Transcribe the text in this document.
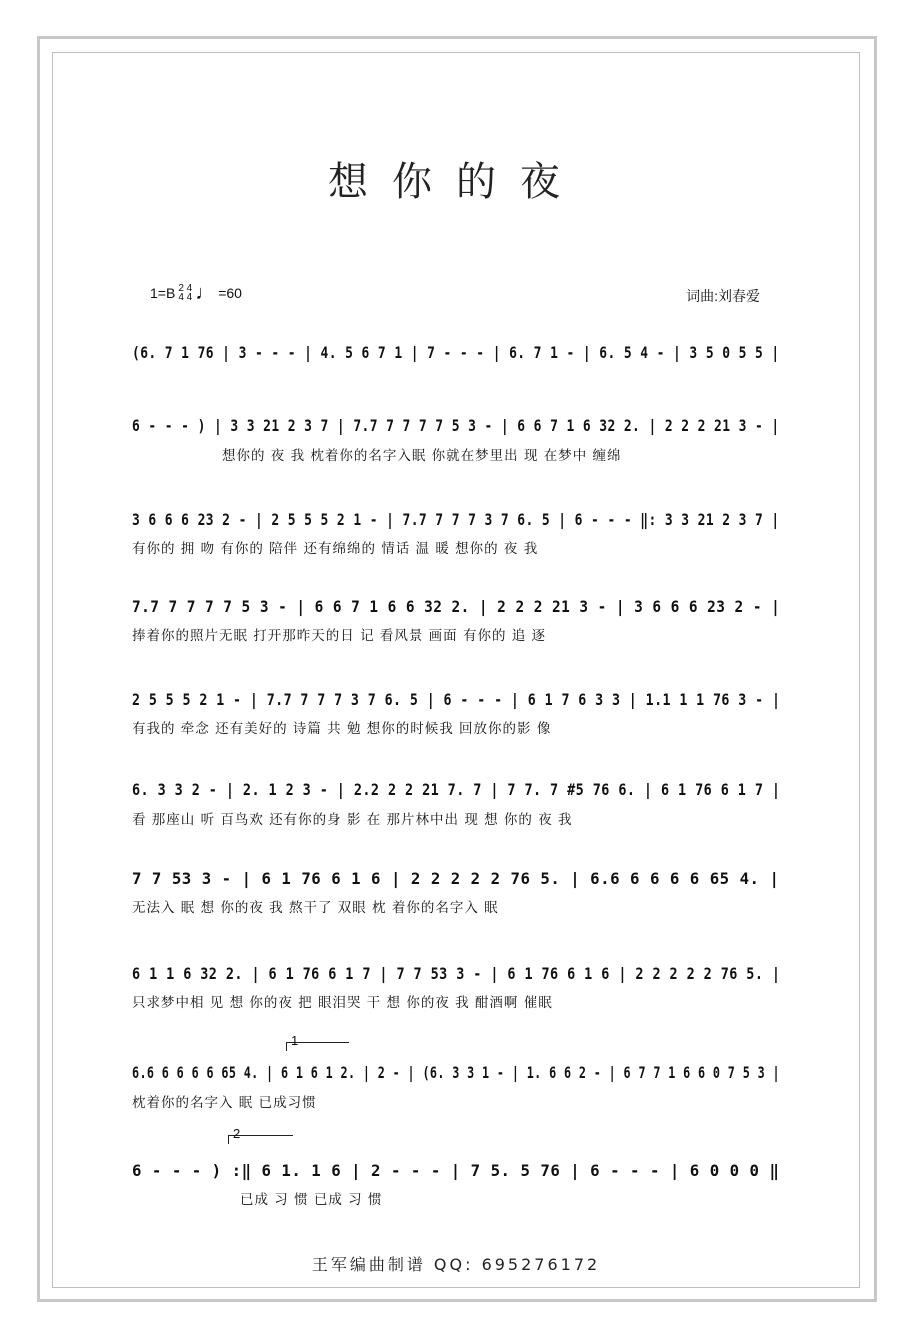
想你的夜
1=B 2 4
4 4 ♩ =60	词曲:刘春爱
(6. 7 1 76 | 3 - - - | 4. 5 6 7 1 | 7 - - - | 6. 7 1 - | 6. 5 4 - | 3 5 0 5 5 |
6 - - - ) | 3 3 21 2 3 7 | 7.7 7 7 7 7 5 3 - | 6 6 7 1 6 32 2. | 2 2 2 21 3 - |
想你的 夜 我 枕着你的名字入眠 你就在梦里出 现 在梦中 缠绵
3 6 6 6 23 2 - | 2 5 5 5 2 1 - | 7.7 7 7 7 3 7 6. 5 | 6 - - - ‖: 3 3 21 2 3 7 |
有你的 拥 吻 有你的 陪伴 还有绵绵的 情话 温 暖 想你的 夜 我
7.7 7 7 7 7 5 3 - | 6 6 7 1 6 6 32 2. | 2 2 2 21 3 - | 3 6 6 6 23 2 - |
捧着你的照片无眠 打开那昨天的日 记 看风景 画面 有你的 追 逐
2 5 5 5 2 1 - | 7.7 7 7 7 3 7 6. 5 | 6 - - - | 6 1 7 6 3 3 | 1.1 1 1 76 3 - |
有我的 牵念 还有美好的 诗篇 共 勉 想你的时候我 回放你的影 像
6. 3 3 2 - | 2. 1 2 3 - | 2.2 2 2 21 7. 7 | 7 7. 7 #5 76 6. | 6 1 76 6 1 7 |
看 那座山 听 百鸟欢 还有你的身 影 在 那片林中出 现 想 你的 夜 我
7 7 53 3 - | 6 1 76 6 1 6 | 2 2 2 2 2 76 5. | 6.6 6 6 6 6 65 4. |
无法入 眠 想 你的夜 我 熬干了 双眼 枕 着你的名字入 眠
6 1 1 6 32 2. | 6 1 76 6 1 7 | 7 7 53 3 - | 6 1 76 6 1 6 | 2 2 2 2 2 76 5. |
只求梦中相 见 想 你的夜 把 眼泪哭 干 想 你的夜 我 酣酒啊 催眠
1
6.6 6 6 6 6 65 4. | 6 1 6 1 2. | 2 - | (6. 3 3 1 - | 1. 6 6 2 - | 6 7 7 1 6 6 0 7 5 3 |
枕着你的名字入 眠 已成习惯
2
6 - - - ) :‖ 6 1. 1 6 | 2 - - - | 7 5. 5 76 | 6 - - - | 6 0 0 0 ‖
已成 习 惯 已成 习 惯
王军编曲制谱 QQ: 695276172
